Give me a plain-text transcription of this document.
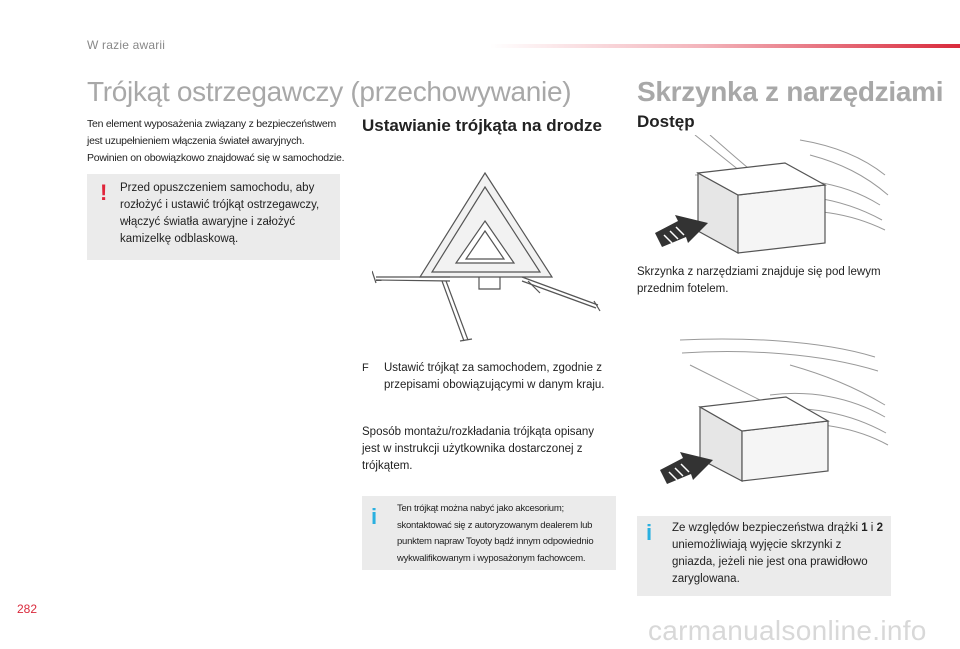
W razie awarii
Trójkąt ostrzegawczy (przechowywanie) Skrzynka z narzędziami

Ten element wyposażenia związany z bezpieczeństwem jest uzupełnieniem włączenia świateł awaryjnych. Powinien on obowiązkowo znajdować się w samochodzie.

! Przed opuszczeniem samochodu, aby rozłożyć i ustawić trójkąt ostrzegawczy, włączyć światła awaryjne i założyć kamizelkę odblaskową.

Ustawianie trójkąta na drodze
F	Ustawić trójkąt za samochodem, zgodnie z przepisami obowiązującymi w danym kraju.

Sposób montażu/rozkładania trójkąta opisany jest w instrukcji użytkownika dostarczonej z trójkątem.

i Ten trójkąt można nabyć jako akcesorium; skontaktować się z autoryzowanym dealerem lub punktem napraw Toyoty bądź innym odpowiednio wykwalifikowanym i wyposażonym fachowcem.

Dostęp

Skrzynka z narzędziami znajduje się pod lewym przednim fotelem.

i Ze względów bezpieczeństwa drążki 1 i 2 uniemożliwiają wyjęcie skrzynki z gniazda, jeżeli nie jest ona prawidłowo zaryglowana.

282
carmanualsonline.info
